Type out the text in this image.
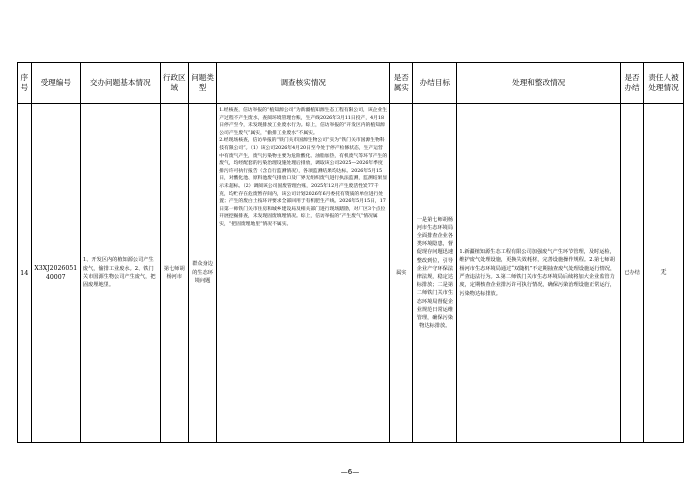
序号	受理编号	交办问题基本情况	行政区域	问题类型	调查核实情况	是否属实	办结目标	处理和整改情况	是否办结	责任人被处理情况
14	X3XJ202605140007	1、开发区内的植知源公司产生废气，偷排工业废水。2、铁门关市国源生物公司产生废气，把固废埋地里。	第七师胡杨河市	群众身边的生态环境问题	1.经核查，信访举报的“植知源公司”为新疆植知源生态工程有限公司，该企业生产过程不产生废水，查阅环境管理台账，生产线2026年3月11日投产，4月18日停产至今，未发现排放工业废水行为。综上，信访举报的“开发区内的植知源公司产生废气”属实，“偷排工业废水”不属实。
2.经现场核查，信访举报的“铁门关市国源生物公司”实为“铁门关市国源生物科技有限公司”。（1）该公司2026年4月20日至今处于停产检修状态，生产运营中有废气产生，废气污染物主要为危险酸化、油脂加热，有机废气等环节产生的废气，均经配套的污染治理设施处理后排放，调取该公司2025—2026年季度排污许可执行报告（含自行监测情况），各项监测结果均达标。2026年5月15日，对酸化池、原料池废气排放口及厂界无组织废气进行执法监测，监测结果显示未超标。（2）调阅该公司固废管理台账，2025年12月产生废活性炭77千克，均贮存在危废暂存间内，该公司计划2026年6月委托有资质的单位进行处置；产生的废白土按环评要求全部回用于有机肥生产线。2026年5月15日，17日第一师铁门关市住房和城乡建设局及相关部门进行现场踏勘，对厂区3个点位开展挖掘排查，未发现固废填埋情况。综上，信访举报的“产生废气”情况属实，“把固废埋地里”情况不属实。	属实	一是第七师胡杨河市生态环境局全面排查企业各类环境隐患，督促现存问题迅速整改到位，引导企业产守环保法律法规，稳定达标排放；二是第二师铁门关市生态环境局督促企业规范日常运维管理，确保污染物达标排放。	1.新疆植知源生态工程有限公司加强废气产生环节管理，及时运检，维护废气处理设施，更换失效耗材，完善设施操作规程。2.第七师胡杨河市生态环境局通过“双随机”不定期抽查废气处理设施运行情况，严查违法行为。3.第二师铁门关市生态环境局后续将加大企业监管力度，定期核查企业排污许可执行情况，确保污染治理设施正常运行，污染物达标排放。	已办结	无
—6—
